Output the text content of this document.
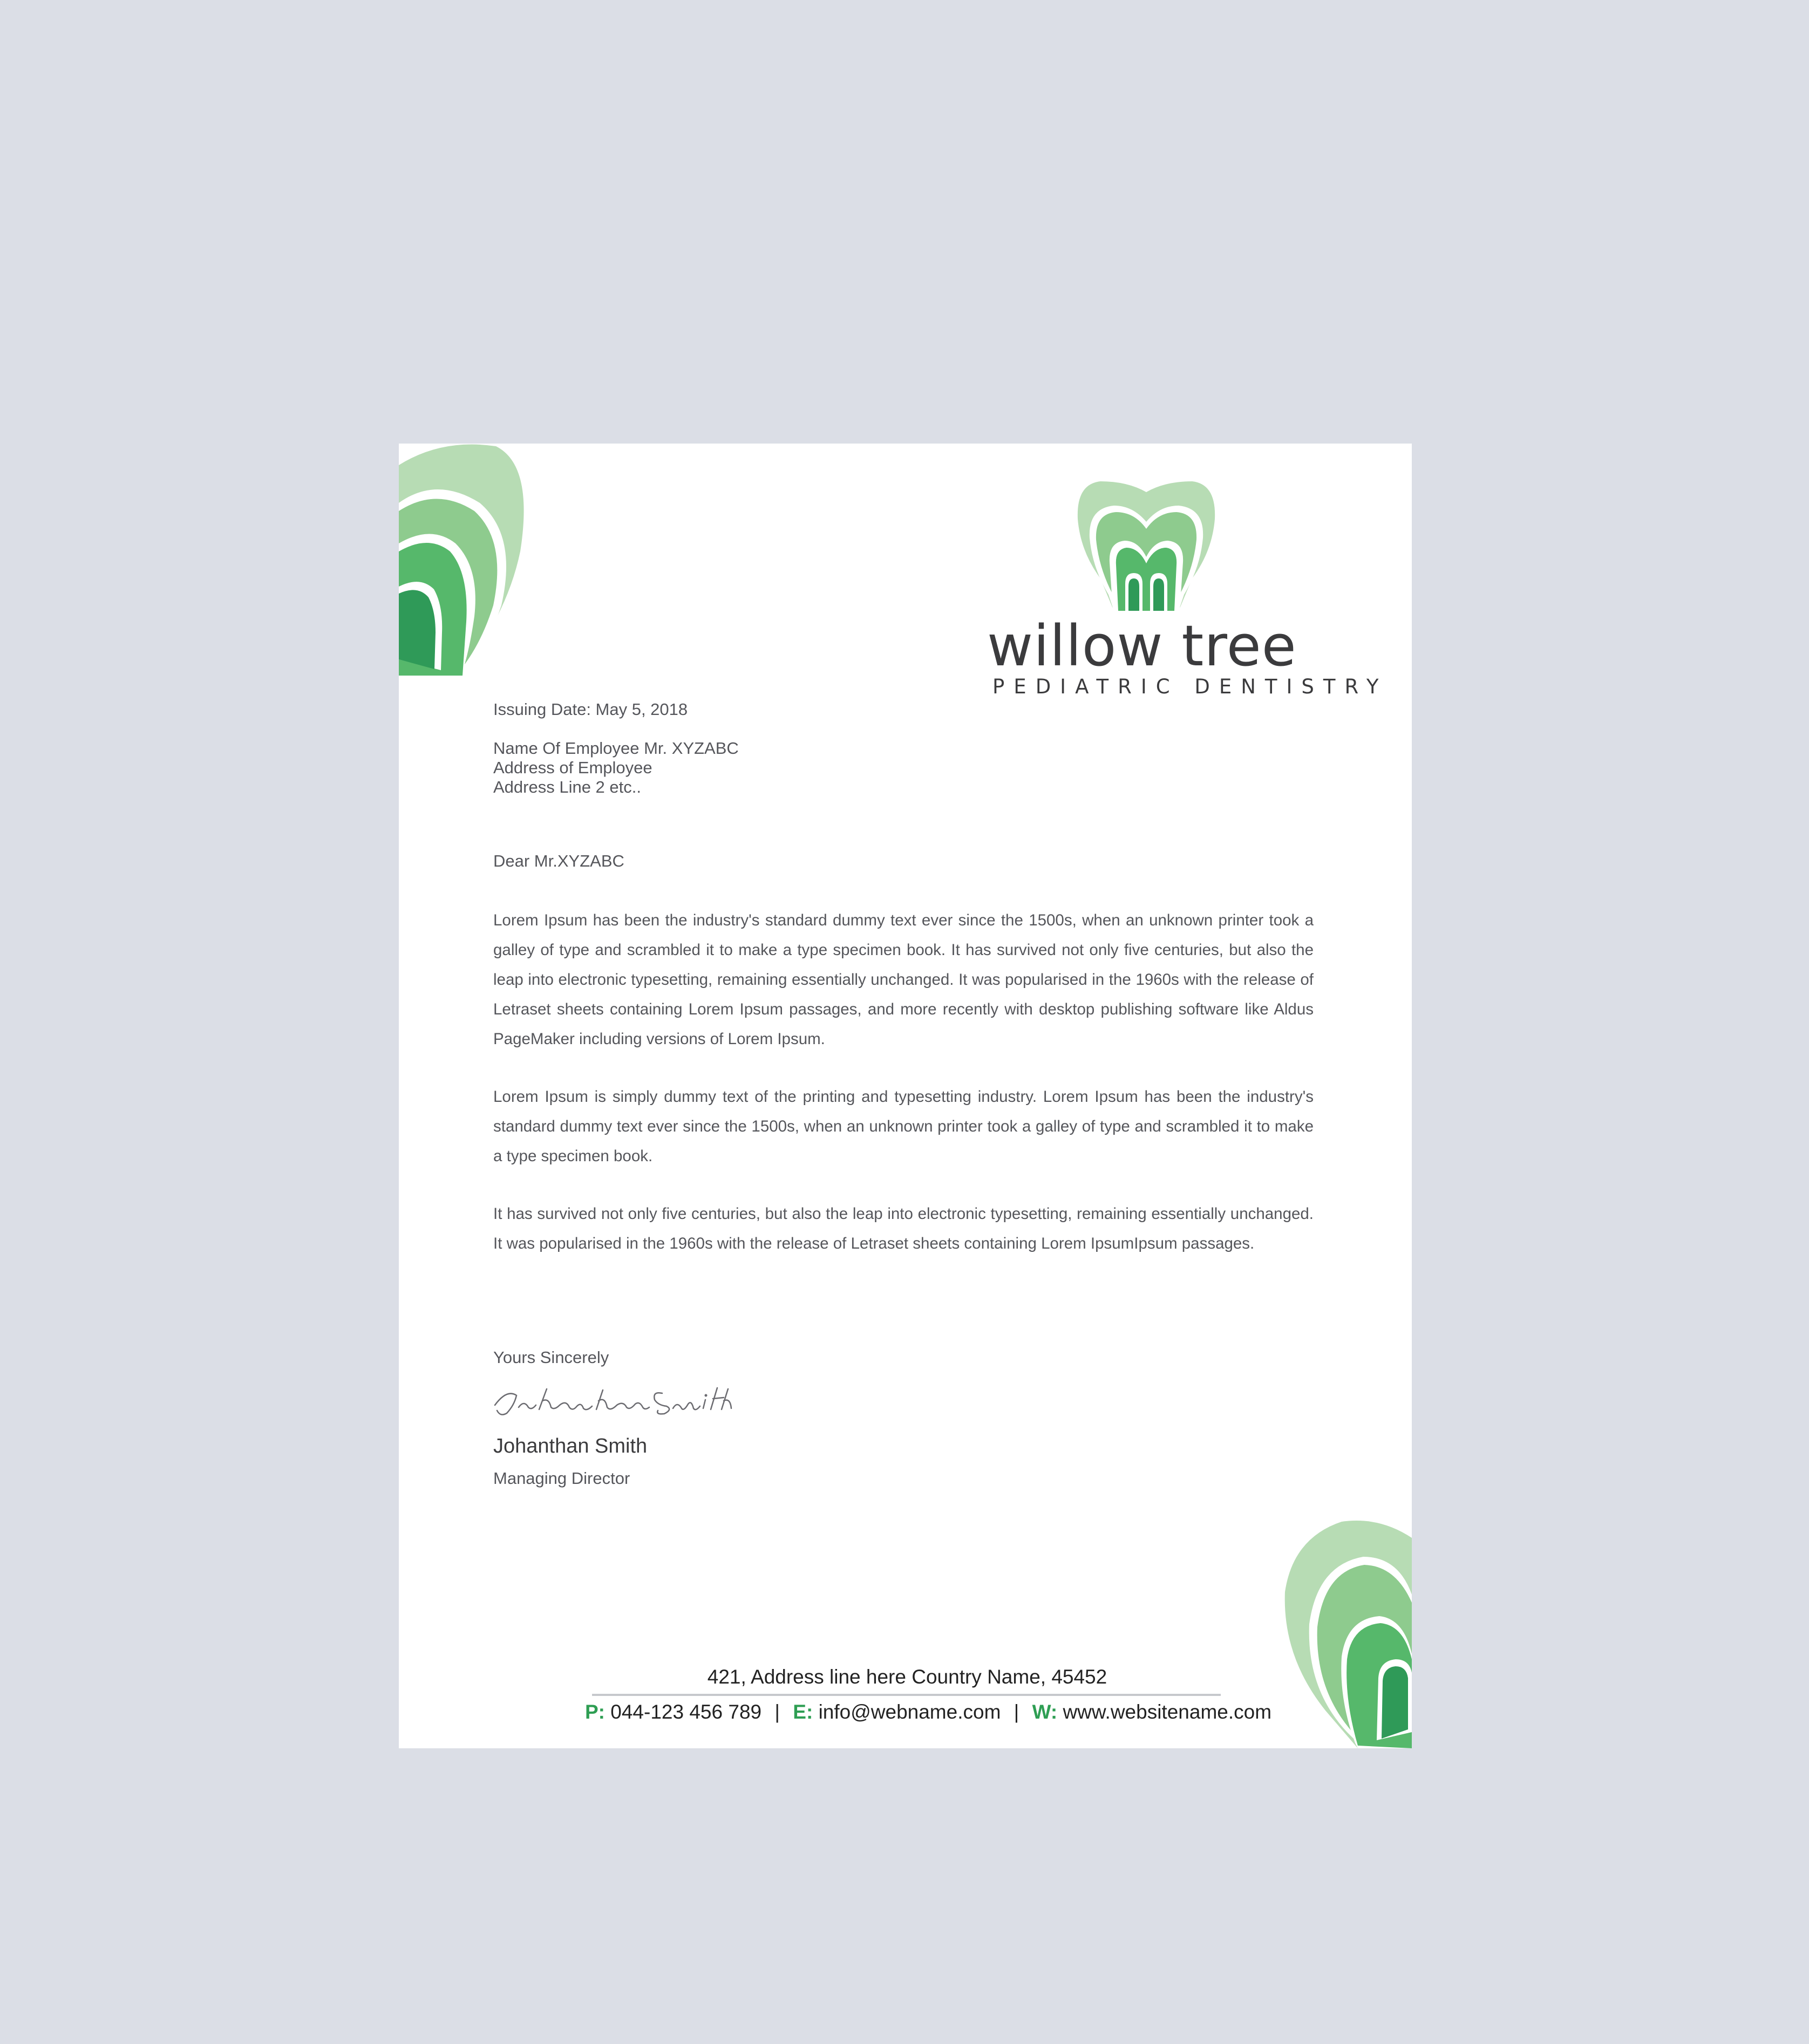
willow tree
PEDIATRIC DENTISTRY
Issuing Date: May 5, 2018
Name Of Employee Mr. XYZABC
Address of Employee
Address Line 2 etc..
Dear Mr.XYZABC
Lorem Ipsum has been the industry's standard dummy text ever since the 1500s, when an unknown printer took a galley of type and scrambled it to make a type specimen book. It has survived not only five centuries, but also the leap into electronic typesetting, remaining essentially unchanged. It was popularised in the 1960s with the release of Letraset sheets containing Lorem Ipsum passages, and more recently with desktop publishing software like Aldus PageMaker including versions of Lorem Ipsum.
Lorem Ipsum is simply dummy text of the printing and typesetting industry. Lorem Ipsum has been the industry's standard dummy text ever since the 1500s, when an unknown printer took a galley of type and scrambled it to make a type specimen book.
It has survived not only five centuries, but also the leap into electronic typesetting, remaining essentially unchanged. It was popularised in the 1960s with the release of Letraset sheets containing Lorem IpsumIpsum passages.
Yours Sincerely
Johanthan Smith
Managing Director
421, Address line here Country Name, 45452
P: 044-123 456 789 | E: info@webname.com | W: www.websitename.com
